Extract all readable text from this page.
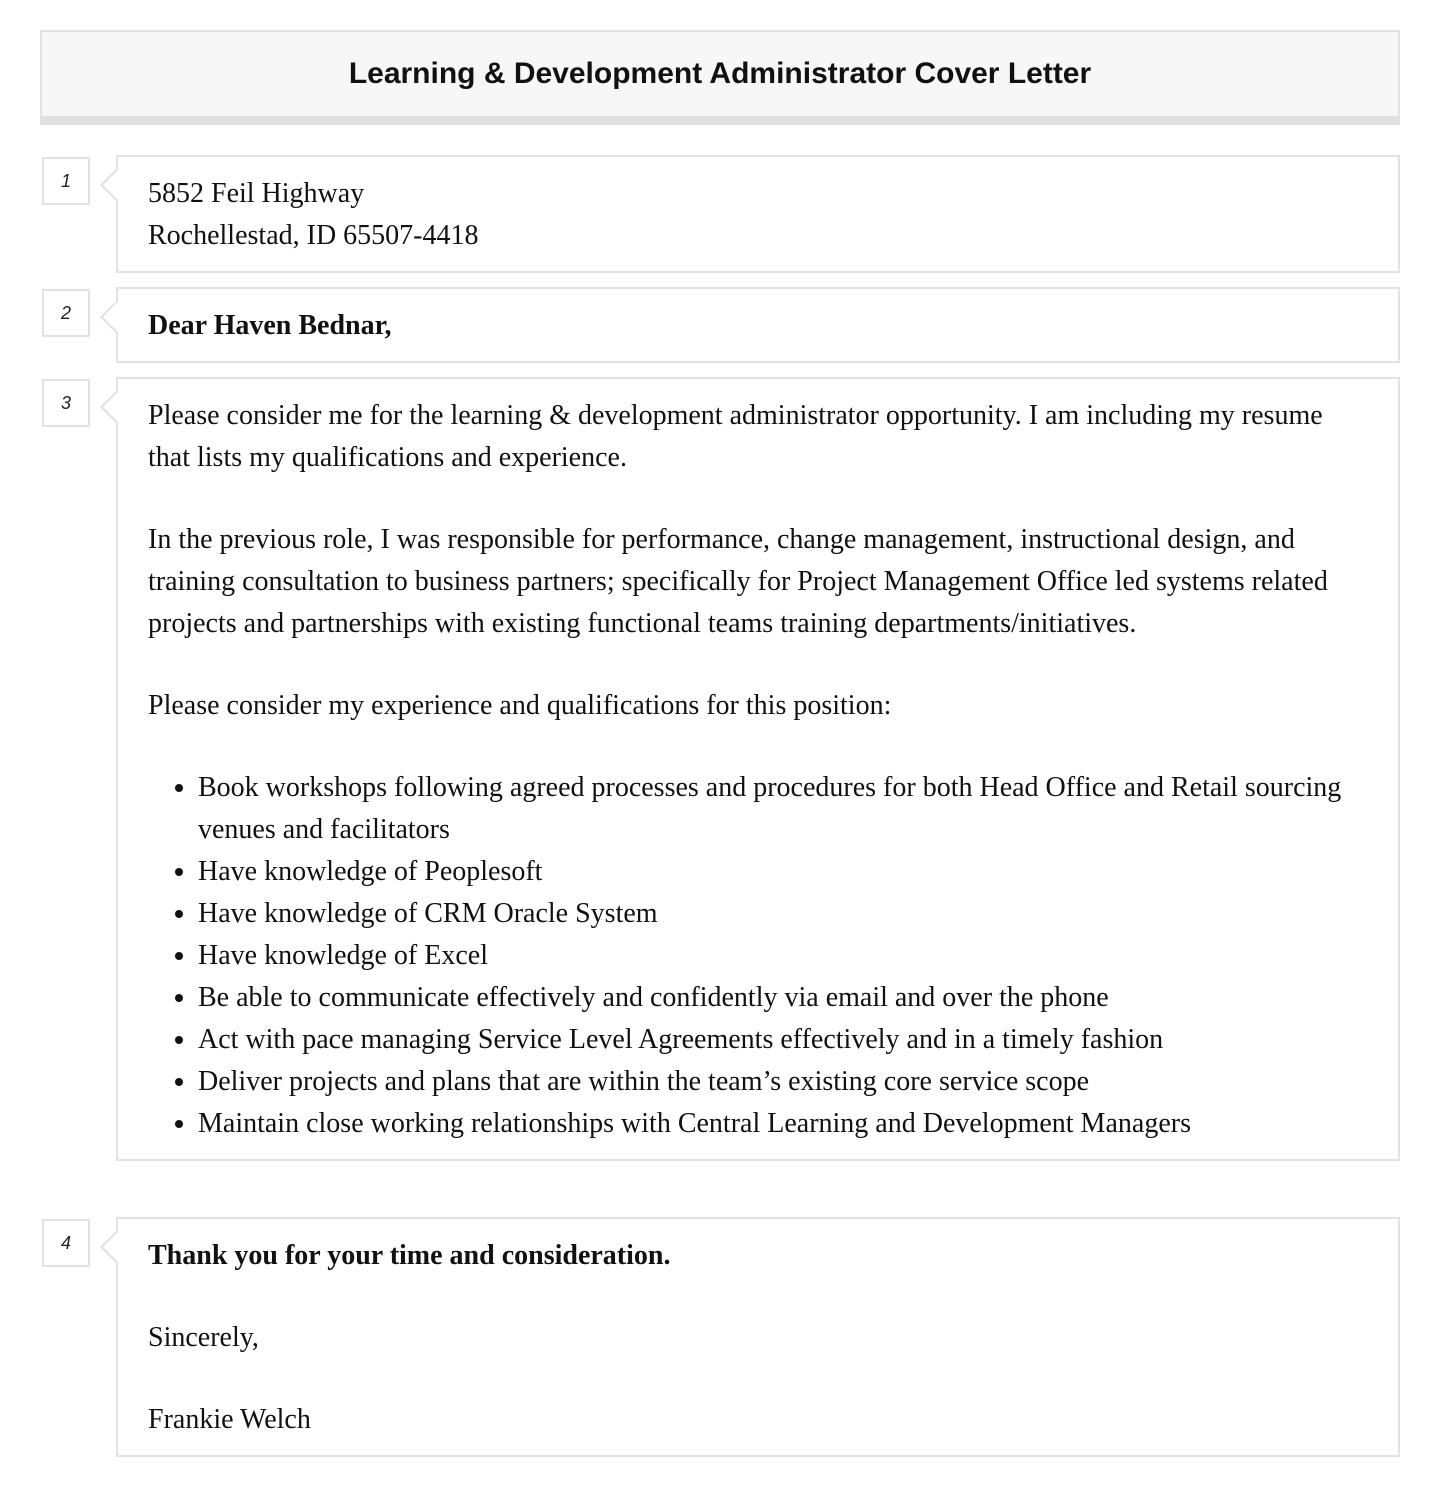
Learning & Development Administrator Cover Letter
1	5852 Feil Highway

Rochellestad, ID 65507-4418

2	Dear Haven Bednar,

3	Please consider me for the learning & development administrator opportunity. I am including my resume that lists my qualifications and experience.

In the previous role, I was responsible for performance, change management, instructional design, and training consultation to business partners; specifically for Project Management Office led systems related projects and partnerships with existing functional teams training departments/initiatives.

Please consider my experience and qualifications for this position:

• Book workshops following agreed processes and procedures for both Head Office and Retail sourcing venues and facilitators
• Have knowledge of Peoplesoft
• Have knowledge of CRM Oracle System
• Have knowledge of Excel
• Be able to communicate effectively and confidently via email and over the phone
• Act with pace managing Service Level Agreements effectively and in a timely fashion
• Deliver projects and plans that are within the team’s existing core service scope
• Maintain close working relationships with Central Learning and Development Managers
4	Thank you for your time and consideration.

Sincerely,

Frankie Welch
